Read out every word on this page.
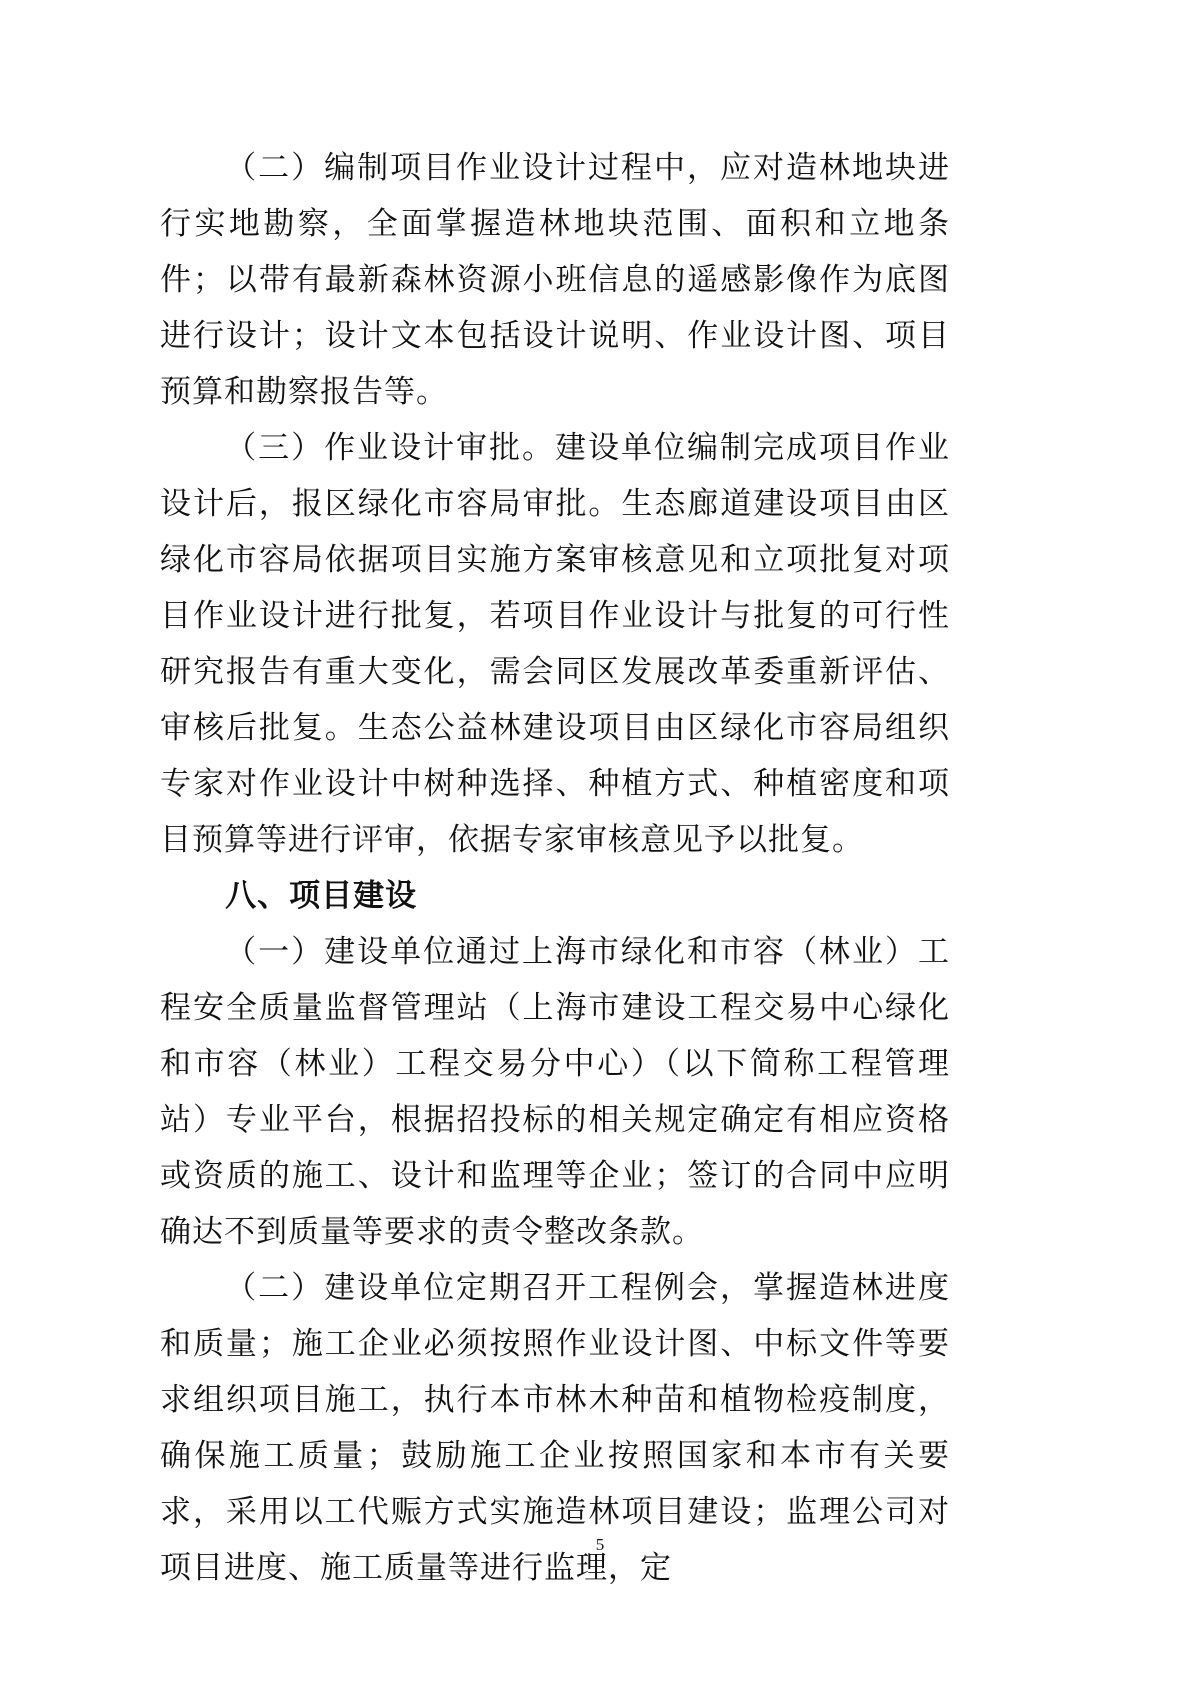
（二）编制项目作业设计过程中，应对造林地块进行实地勘察，全面掌握造林地块范围、面积和立地条件；以带有最新森林资源小班信息的遥感影像作为底图进行设计；设计文本包括设计说明、作业设计图、项目预算和勘察报告等。

（三）作业设计审批。建设单位编制完成项目作业设计后，报区绿化市容局审批。生态廊道建设项目由区绿化市容局依据项目实施方案审核意见和立项批复对项目作业设计进行批复，若项目作业设计与批复的可行性研究报告有重大变化，需会同区发展改革委重新评估、审核后批复。生态公益林建设项目由区绿化市容局组织专家对作业设计中树种选择、种植方式、种植密度和项目预算等进行评审，依据专家审核意见予以批复。

八、项目建设

（一）建设单位通过上海市绿化和市容（林业）工程安全质量监督管理站（上海市建设工程交易中心绿化和市容（林业）工程交易分中心）（以下简称工程管理站）专业平台，根据招投标的相关规定确定有相应资格或资质的施工、设计和监理等企业；签订的合同中应明确达不到质量等要求的责令整改条款。

（二）建设单位定期召开工程例会，掌握造林进度和质量；施工企业必须按照作业设计图、中标文件等要求组织项目施工，执行本市林木种苗和植物检疫制度，确保施工质量；鼓励施工企业按照国家和本市有关要求，采用以工代赈方式实施造林项目建设；监理公司对项目进度、施工质量等进行监理，定

5
